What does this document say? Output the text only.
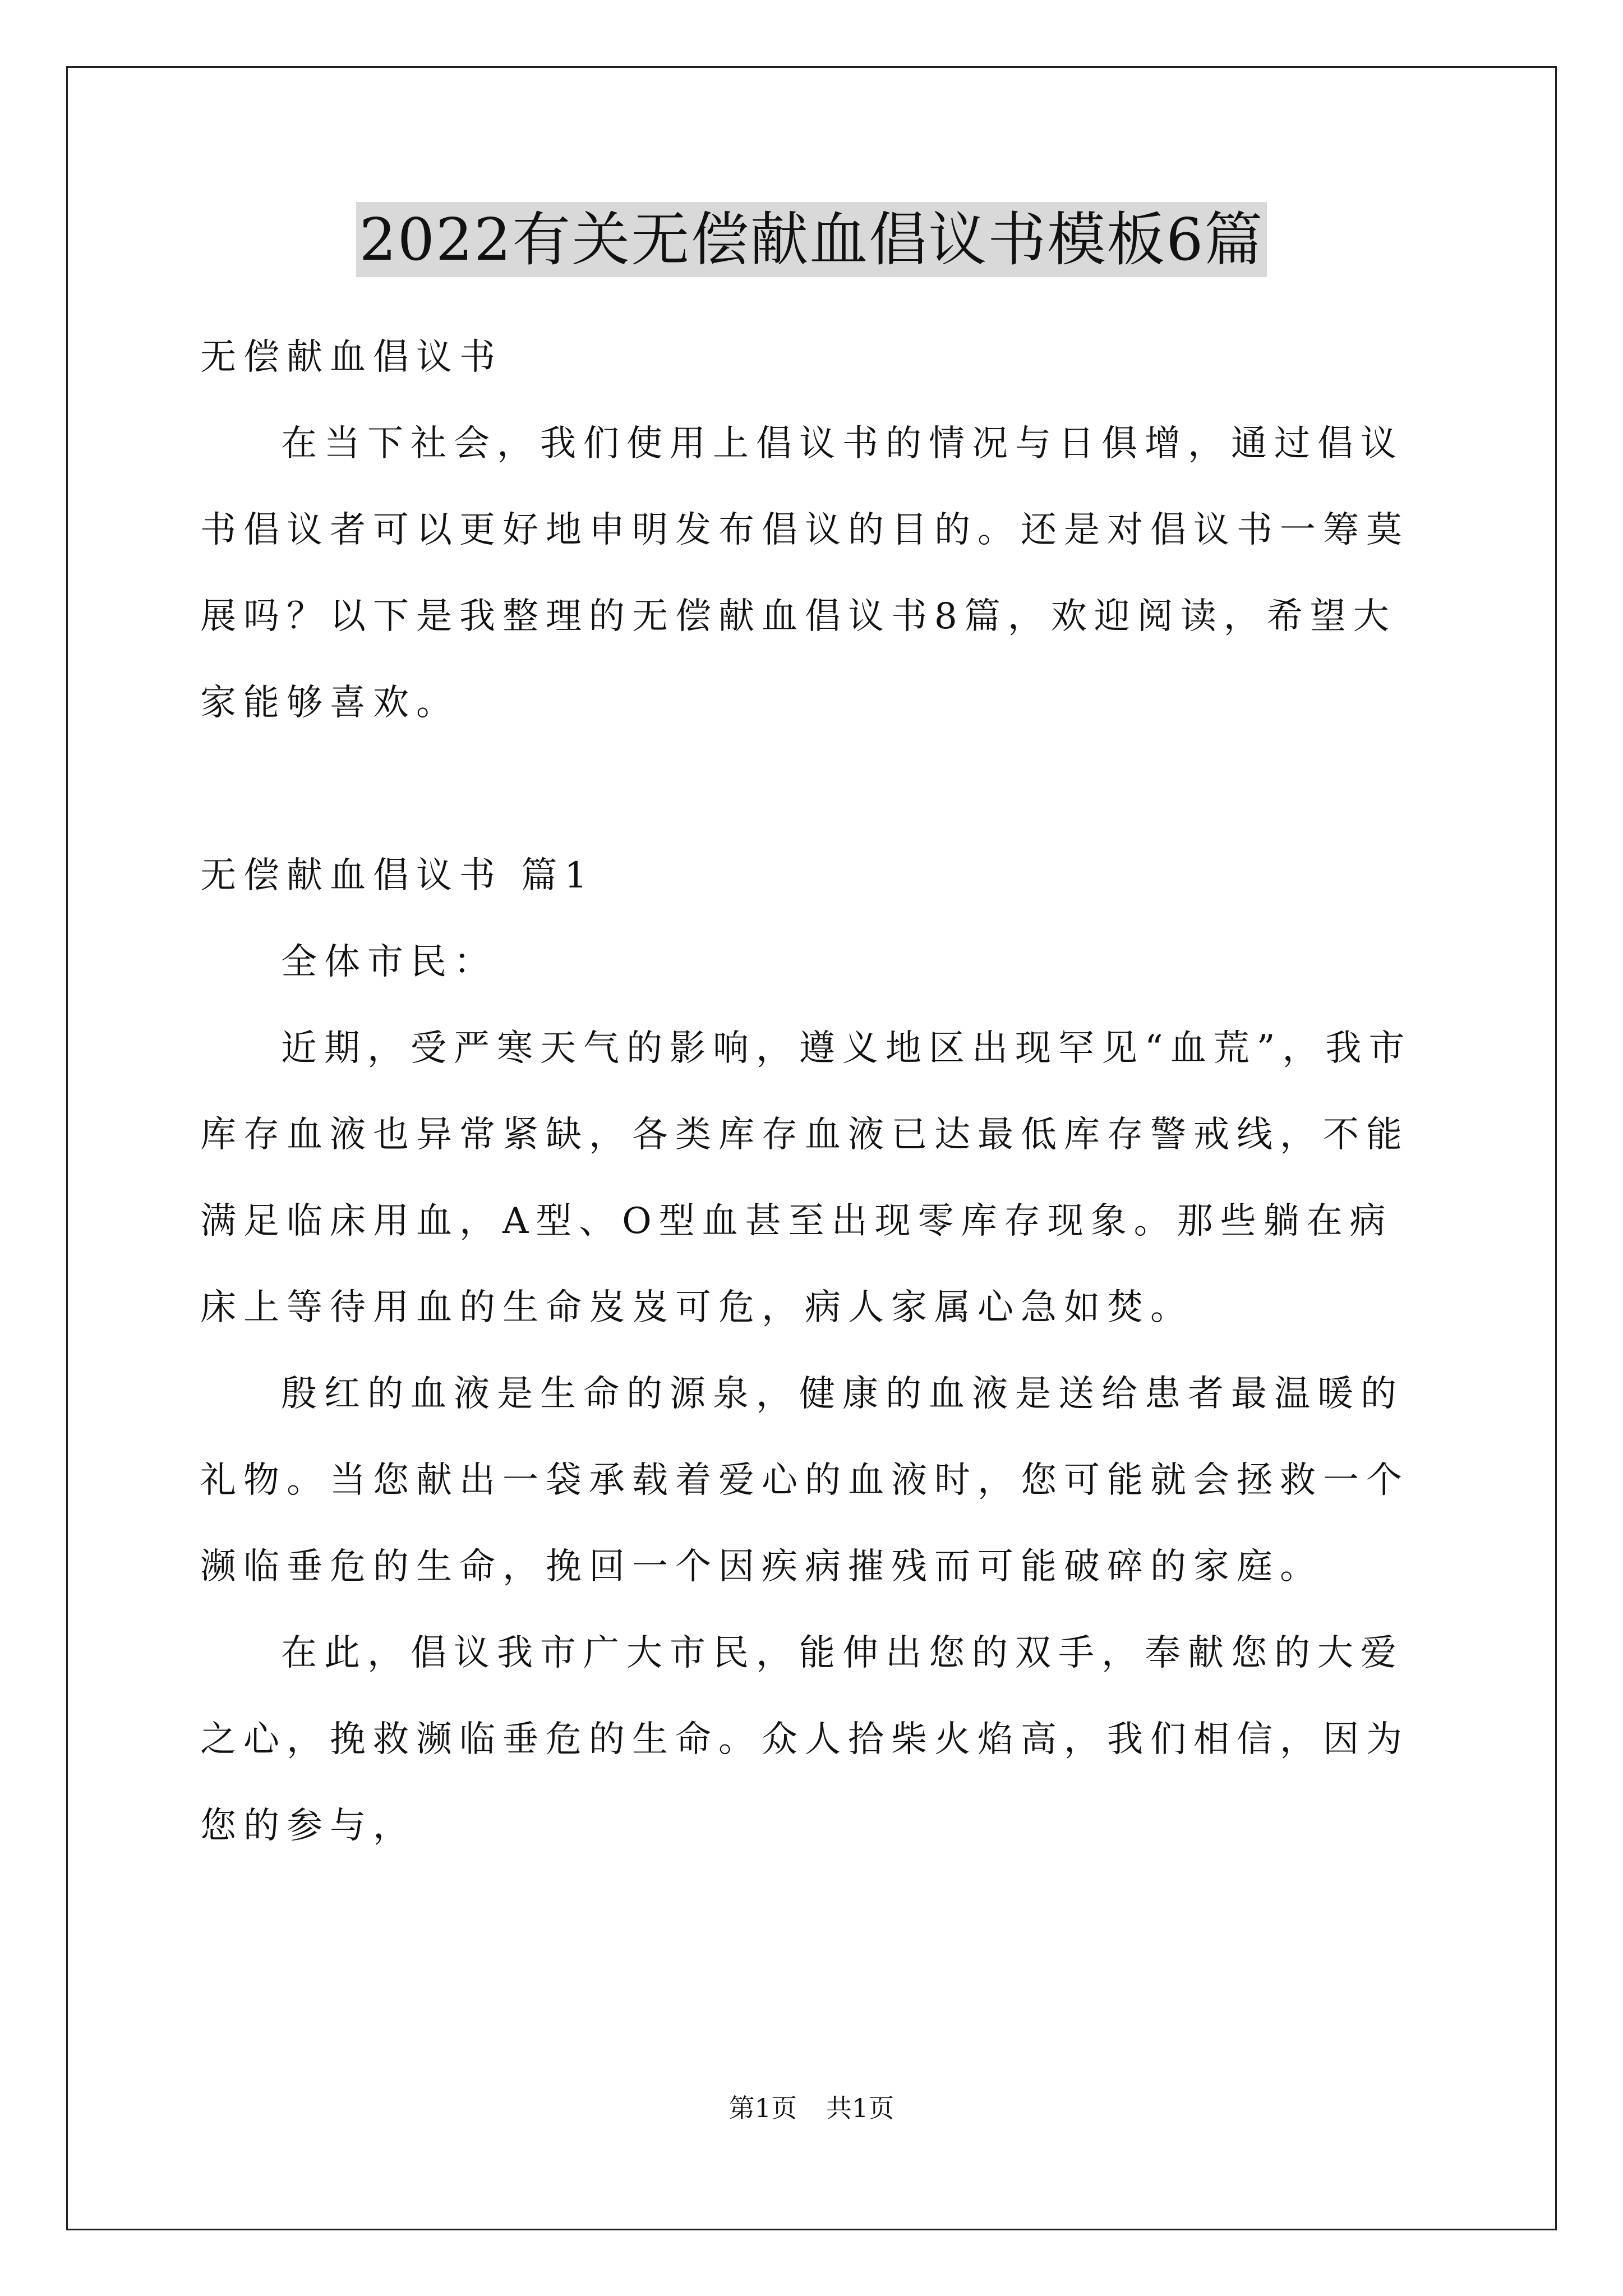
2022有关无偿献血倡议书模板6篇

无偿献血倡议书

在当下社会，我们使用上倡议书的情况与日俱增，通过倡议书倡议者可以更好地申明发布倡议的目的。还是对倡议书一筹莫展吗？以下是我整理的无偿献血倡议书8篇，欢迎阅读，希望大家能够喜欢。

无偿献血倡议书 篇1

全体市民：

近期，受严寒天气的影响，遵义地区出现罕见“血荒”，我市库存血液也异常紧缺，各类库存血液已达最低库存警戒线，不能满足临床用血，A型、O型血甚至出现零库存现象。那些躺在病床上等待用血的生命岌岌可危，病人家属心急如焚。

殷红的血液是生命的源泉，健康的血液是送给患者最温暖的礼物。当您献出一袋承载着爱心的血液时，您可能就会拯救一个濒临垂危的生命，挽回一个因疾病摧残而可能破碎的家庭。

在此，倡议我市广大市民，能伸出您的双手，奉献您的大爱之心，挽救濒临垂危的生命。众人拾柴火焰高，我们相信，因为您的参与，

第1页 共1页
